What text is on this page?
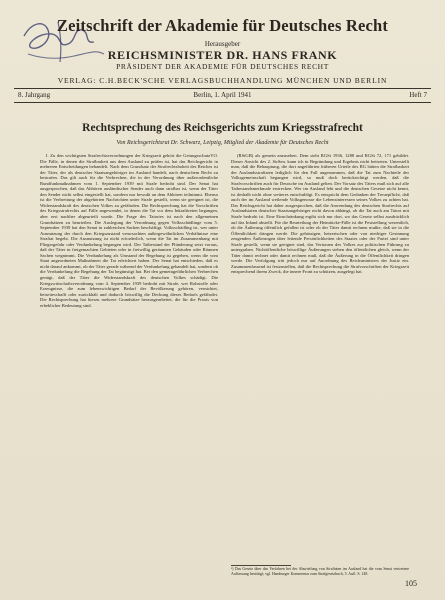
Zeitschrift der Akademie für Deutsches Recht
Herausgeber
REICHSMINISTER DR. HANS FRANK
PRÄSIDENT DER AKADEMIE FÜR DEUTSCHES RECHT
VERLAG: C.H.BECK'SCHE VERLAGSBUCHHANDLUNG MÜNCHEN UND BERLIN
8. Jahrgang	Berlin, 1. April 1941	Heft 7
Rechtsprechung des Reichsgerichts zum Kriegsstrafrecht
Von Reichsgerichtsrat Dr. Schwarz, Leipzig, Mitglied der Akademie für Deutsches Recht

I. Zu den wichtigsten Strafrechtsverordnungen der Kriegszeit gehört die GetungsschutzVO. Die Fälle, in denen die Strafbarkeit aus dem Ausland zu prüfen ist, hat das Reichsgericht in mehreren Entscheidungen behandelt. Nach dem Grundsatz der Strafrechtshoheit des Reiches ist der Täter, der als deutscher Staatsangehöriger im Ausland handelt, nach deutschem Recht zu bestrafen. Das gilt auch für die Verbrechen, die in der Verordnung über außerordentliche Rundfunkmaßnahmen vom 1. September 1939 mit Strafe bedroht sind. Der Senat hat ausgesprochen, daß das Abhören ausländischer Sender auch dann strafbar ist, wenn der Täter den Sender nicht selbst eingestellt hat, sondern nur bewußt an dem Abhören teilnimmt. Ebenso ist die Verbreitung der abgehörten Nachrichten unter Strafe gestellt, wenn sie geeignet ist, die Widerstandskraft des deutschen Volkes zu gefährden. Die Rechtsprechung hat die Vorschriften des Kriegsstrafrechts auf Fälle angewendet, in denen die Tat vor dem Inkrafttreten begangen, aber erst nachher abgeurteilt wurde. Die Frage des Tatortes ist nach den allgemeinen Grundsätzen zu beurteilen. Die Auslegung der Verordnung gegen Volksschädlinge vom 5. September 1939 hat den Senat in zahlreichen Sachen beschäftigt. Volksschädling ist, wer unter Ausnutzung der durch den Kriegszustand verursachten außergewöhnlichen Verhältnisse eine Straftat begeht. Die Ausnutzung ist nicht erforderlich, wenn die Tat im Zusammenhang mit Fliegergefahr oder Verdunkelung begangen wird. Der Tatbestand der Plünderung setzt voraus, daß der Täter in freigemachten Gebieten oder in freiwillig geräumten Gebäuden oder Räumen Sachen wegnimmt. Die Verdunkelung als Umstand der Begehung ist gegeben, wenn die vom Staat angeordneten Maßnahmen die Tat erleichtert haben. Der Senat hat entschieden, daß es nicht darauf ankommt, ob der Täter gerade während der Verdunkelung gehandelt hat, sondern ob die Verdunkelung die Begehung der Tat begünstigt hat. Bei den gemeingefährlichen Verbrechen genügt, daß der Täter die Widerstandskraft des deutschen Volkes schädigt. Die Kriegswirtschaftsverordnung vom 4. September 1939 bedroht mit Strafe, wer Rohstoffe oder Erzeugnisse, die zum lebenswichtigen Bedarf der Bevölkerung gehören, vernichtet, beiseiteschafft oder zurückhält und dadurch böswillig die Deckung dieses Bedarfs gefährdet. Die Rechtsprechung hat hierzu mehrere Grundsätze herausgearbeitet, die für die Praxis von erheblicher Bedeutung sind.

(RStGB) als gemein anzusehen. Dem steht RGSt 1936, 1288 und RGSt 72, 171 gebildet. Dieser Ansicht des 2. StrSen. kann ich in Begründung und Ergebnis nicht beitreten. Unterstellt man, daß die Behauptung, die dort angeführten früheren Urteile des RG hätten die Strafbarkeit der Auslandsstraftaten lediglich für den Fall angenommen, daß die Tat zum Nachteile der Volksgemeinschaft begangen wird, so muß doch berücksichtigt werden, daß die Strafvorschriften auch für Deutsche im Ausland gelten. Der Vorsatz des Täters muß sich auf alle Tatbestandsmerkmale erstrecken. Wer im Ausland lebt und die deutschen Gesetze nicht kennt, ist deshalb nicht ohne weiteres entschuldigt. Es entspricht dem Gedanken der Treuepflicht, daß auch der im Ausland weilende Volksgenosse die Lebensinteressen seines Volkes zu achten hat. Das Reichsgericht hat daher ausgesprochen, daß die Anwendung des deutschen Strafrechts auf Auslandstaten deutscher Staatsangehöriger nicht davon abhängt, ob die Tat auch am Tatort mit Strafe bedroht ist. Eine Einschränkung ergibt sich nur dort, wo das Gesetz selbst ausdrücklich auf das Inland abstellt. Für die Beurteilung der Heimtücke-Fälle ist die Feststellung wesentlich, ob die Äußerung öffentlich gefallen ist oder ob der Täter damit rechnen mußte, daß sie in die Öffentlichkeit dringen werde. Die gehässigen, hetzerischen oder von niedriger Gesinnung zeugenden Äußerungen über leitende Persönlichkeiten des Staates oder der Partei sind unter Strafe gestellt, wenn sie geeignet sind, das Vertrauen des Volkes zur politischen Führung zu untergraben. Nichtöffentliche böswillige Äußerungen stehen den öffentlichen gleich, wenn der Täter damit rechnet oder damit rechnen muß, daß die Äußerung in die Öffentlichkeit dringen werde. Die Verfolgung tritt jedoch nur auf Anordnung des Reichsministers der Justiz ein. Zusammenfassend ist festzustellen, daß die Rechtsprechung die Strafvorschriften der Kriegszeit entsprechend ihrem Zweck, die innere Front zu schützen, ausgelegt hat.

¹) Das Gesetz über das Verfahren bei der Aburteilung von Straftaten im Ausland hat die vom Senat vertretene Auffassung bestätigt; vgl. Hamburger Kommentar zum Strafgesetzbuch, 5. Aufl. S. 148.
105
